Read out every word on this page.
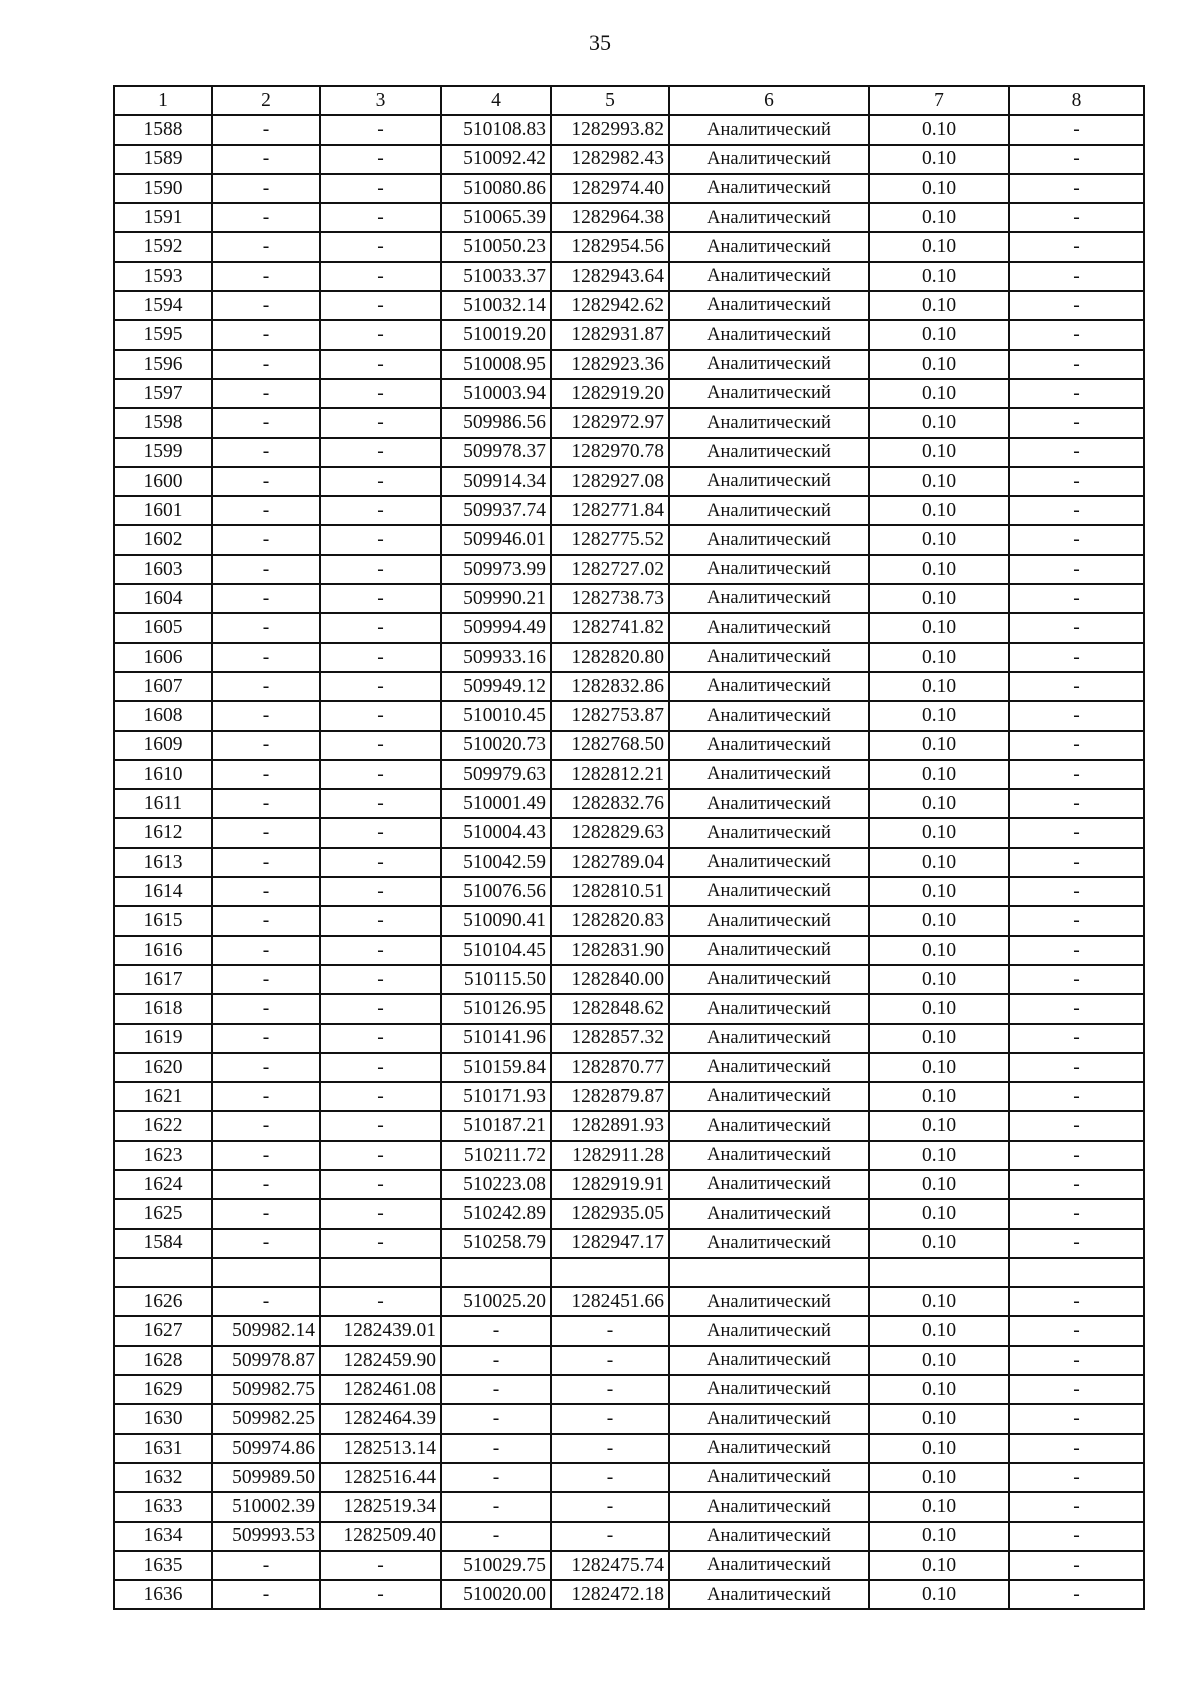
35
1	2	3	4	5	6	7	8
1588	-	-	510108.83	1282993.82	Аналитический	0.10	-
1589	-	-	510092.42	1282982.43	Аналитический	0.10	-
1590	-	-	510080.86	1282974.40	Аналитический	0.10	-
1591	-	-	510065.39	1282964.38	Аналитический	0.10	-
1592	-	-	510050.23	1282954.56	Аналитический	0.10	-
1593	-	-	510033.37	1282943.64	Аналитический	0.10	-
1594	-	-	510032.14	1282942.62	Аналитический	0.10	-
1595	-	-	510019.20	1282931.87	Аналитический	0.10	-
1596	-	-	510008.95	1282923.36	Аналитический	0.10	-
1597	-	-	510003.94	1282919.20	Аналитический	0.10	-
1598	-	-	509986.56	1282972.97	Аналитический	0.10	-
1599	-	-	509978.37	1282970.78	Аналитический	0.10	-
1600	-	-	509914.34	1282927.08	Аналитический	0.10	-
1601	-	-	509937.74	1282771.84	Аналитический	0.10	-
1602	-	-	509946.01	1282775.52	Аналитический	0.10	-
1603	-	-	509973.99	1282727.02	Аналитический	0.10	-
1604	-	-	509990.21	1282738.73	Аналитический	0.10	-
1605	-	-	509994.49	1282741.82	Аналитический	0.10	-
1606	-	-	509933.16	1282820.80	Аналитический	0.10	-
1607	-	-	509949.12	1282832.86	Аналитический	0.10	-
1608	-	-	510010.45	1282753.87	Аналитический	0.10	-
1609	-	-	510020.73	1282768.50	Аналитический	0.10	-
1610	-	-	509979.63	1282812.21	Аналитический	0.10	-
1611	-	-	510001.49	1282832.76	Аналитический	0.10	-
1612	-	-	510004.43	1282829.63	Аналитический	0.10	-
1613	-	-	510042.59	1282789.04	Аналитический	0.10	-
1614	-	-	510076.56	1282810.51	Аналитический	0.10	-
1615	-	-	510090.41	1282820.83	Аналитический	0.10	-
1616	-	-	510104.45	1282831.90	Аналитический	0.10	-
1617	-	-	510115.50	1282840.00	Аналитический	0.10	-
1618	-	-	510126.95	1282848.62	Аналитический	0.10	-
1619	-	-	510141.96	1282857.32	Аналитический	0.10	-
1620	-	-	510159.84	1282870.77	Аналитический	0.10	-
1621	-	-	510171.93	1282879.87	Аналитический	0.10	-
1622	-	-	510187.21	1282891.93	Аналитический	0.10	-
1623	-	-	510211.72	1282911.28	Аналитический	0.10	-
1624	-	-	510223.08	1282919.91	Аналитический	0.10	-
1625	-	-	510242.89	1282935.05	Аналитический	0.10	-
1584	-	-	510258.79	1282947.17	Аналитический	0.10	-

1626	-	-	510025.20	1282451.66	Аналитический	0.10	-
1627	509982.14	1282439.01	-	-	Аналитический	0.10	-
1628	509978.87	1282459.90	-	-	Аналитический	0.10	-
1629	509982.75	1282461.08	-	-	Аналитический	0.10	-
1630	509982.25	1282464.39	-	-	Аналитический	0.10	-
1631	509974.86	1282513.14	-	-	Аналитический	0.10	-
1632	509989.50	1282516.44	-	-	Аналитический	0.10	-
1633	510002.39	1282519.34	-	-	Аналитический	0.10	-
1634	509993.53	1282509.40	-	-	Аналитический	0.10	-
1635	-	-	510029.75	1282475.74	Аналитический	0.10	-
1636	-	-	510020.00	1282472.18	Аналитический	0.10	-
